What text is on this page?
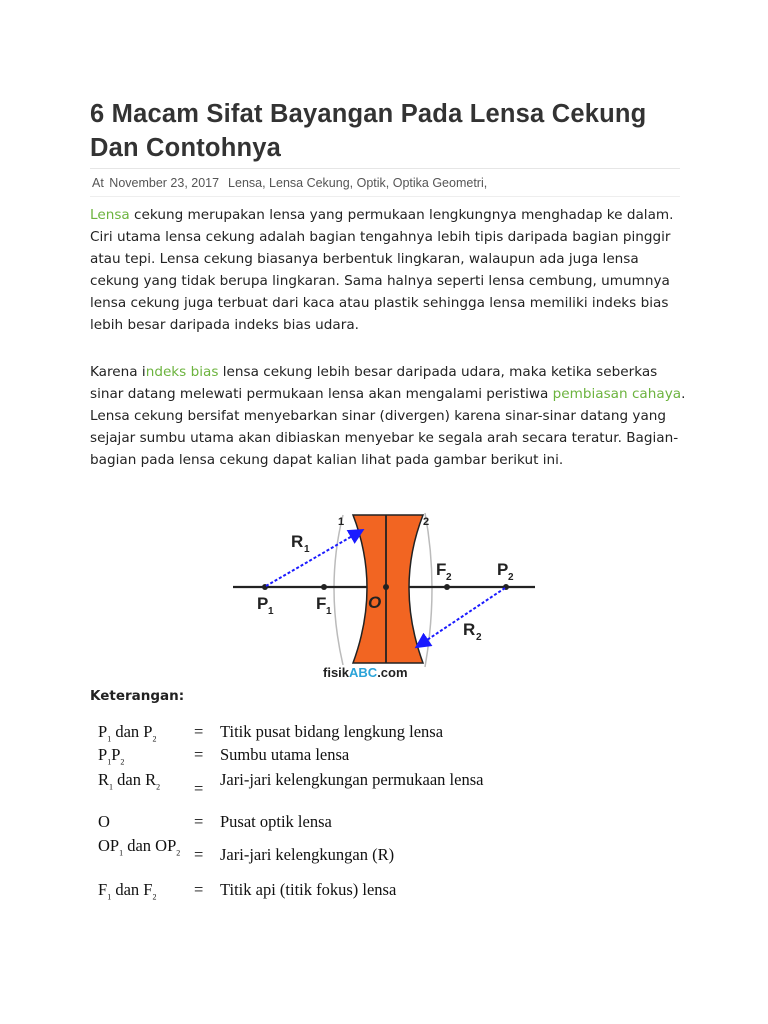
6 Macam Sifat Bayangan Pada Lensa Cekung Dan Contohnya
At November 23, 2017 Lensa, Lensa Cekung, Optik, Optika Geometri,

Lensa cekung merupakan lensa yang permukaan lengkungnya menghadap ke dalam. Ciri utama lensa cekung adalah bagian tengahnya lebih tipis daripada bagian pinggir atau tepi. Lensa cekung biasanya berbentuk lingkaran, walaupun ada juga lensa cekung yang tidak berupa lingkaran. Sama halnya seperti lensa cembung, umumnya lensa cekung juga terbuat dari kaca atau plastik sehingga lensa memiliki indeks bias lebih besar daripada indeks bias udara.

Karena indeks bias lensa cekung lebih besar daripada udara, maka ketika seberkas sinar datang melewati permukaan lensa akan mengalami peristiwa pembiasan cahaya. Lensa cekung bersifat menyebarkan sinar (divergen) karena sinar-sinar datang yang sejajar sumbu utama akan dibiaskan menyebar ke segala arah secara teratur. Bagian-bagian pada lensa cekung dapat kalian lihat pada gambar berikut ini.

1	2
R 1
P 1 F 1 O
F 2	P 2
R 2
fisikABC.com
Keterangan:
$P_1$ dan $P_2$	= Titik pusat bidang lengkung lensa
$P_1P_2$	= Sumbu utama lensa
$R_1$ dan $R_2$	= Jari-jari kelengkungan permukaan lensa
O	= Pusat optik lensa
$OP_1$ dan $OP_2$ = Jari-jari kelengkungan (R)
$F_1$ dan $F_2$	= Titik api (titik fokus) lensa
